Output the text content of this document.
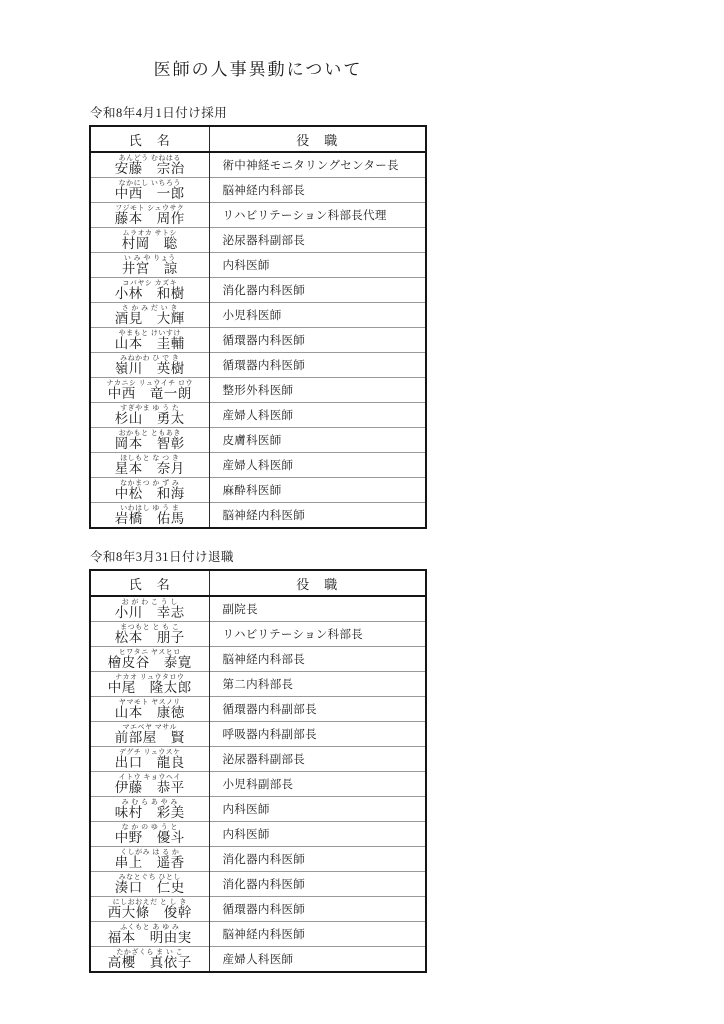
医師の人事異動について
令和8年4月1日付け採用
氏　名	役　職

あんどう むねはる
安藤　宗治	術中神経モニタリングセンター長

なかにし いちろう
中西　一郎	脳神経内科部長

フジモト シュウサク
藤本　周作	リハビリテーション科部長代理

ムラオカ サトシ
村岡　聡	泌尿器科副部長

い み や りょう
井宮　諒	内科医師

コバヤシ カズキ
小林　和樹	消化器内科医師

さ か み だ い き
酒見　大輝	小児科医師

やまもと けいすけ
山本　圭輔	循環器内科医師

みねかわ ひ で き
嶺川　英樹	循環器内科医師

ナカニシ リュウイチ ロウ
中西　竜一朗	整形外科医師

すぎやま ゆ う た
杉山　勇太	産婦人科医師

おかもと ともあき
岡本　智彰	皮膚科医師

ほしもと な つ き
星本　奈月	産婦人科医師

なかまつ か ず み
中松　和海	麻酔科医師

いわはし ゆ う ま
岩橋　佑馬	脳神経内科医師
令和8年3月31日付け退職
氏　名	役　職

お が わ こ う し
小川　幸志	副院長

まつもと と も こ
松本　朋子	リハビリテーション科部長

ヒワタニ ヤスヒロ
檜皮谷　泰寛	脳神経内科部長

ナカオ リュウタロウ
中尾　隆太郎	第二内科部長

ヤマモト ヤスノリ
山本　康徳	循環器内科副部長

マエベヤ マサル
前部屋　賢	呼吸器内科副部長

デグチ リュウスケ
出口　龍良	泌尿器科副部長

イトウ キョウヘイ
伊藤　恭平	小児科副部長

み む ら あ や み
味村　彩美	内科医師

な か の ゆ う と
中野　優斗	内科医師

くしがみ は る か
串上　遥香	消化器内科医師

みなとぐち ひとし
湊口　仁史	消化器内科医師

にしおおえだ と し き
西大條　俊幹	循環器内科医師

ふくもと あ ゆ み
福本　明由実	脳神経内科医師

たかざくら ま い こ
高櫻　真依子	産婦人科医師
